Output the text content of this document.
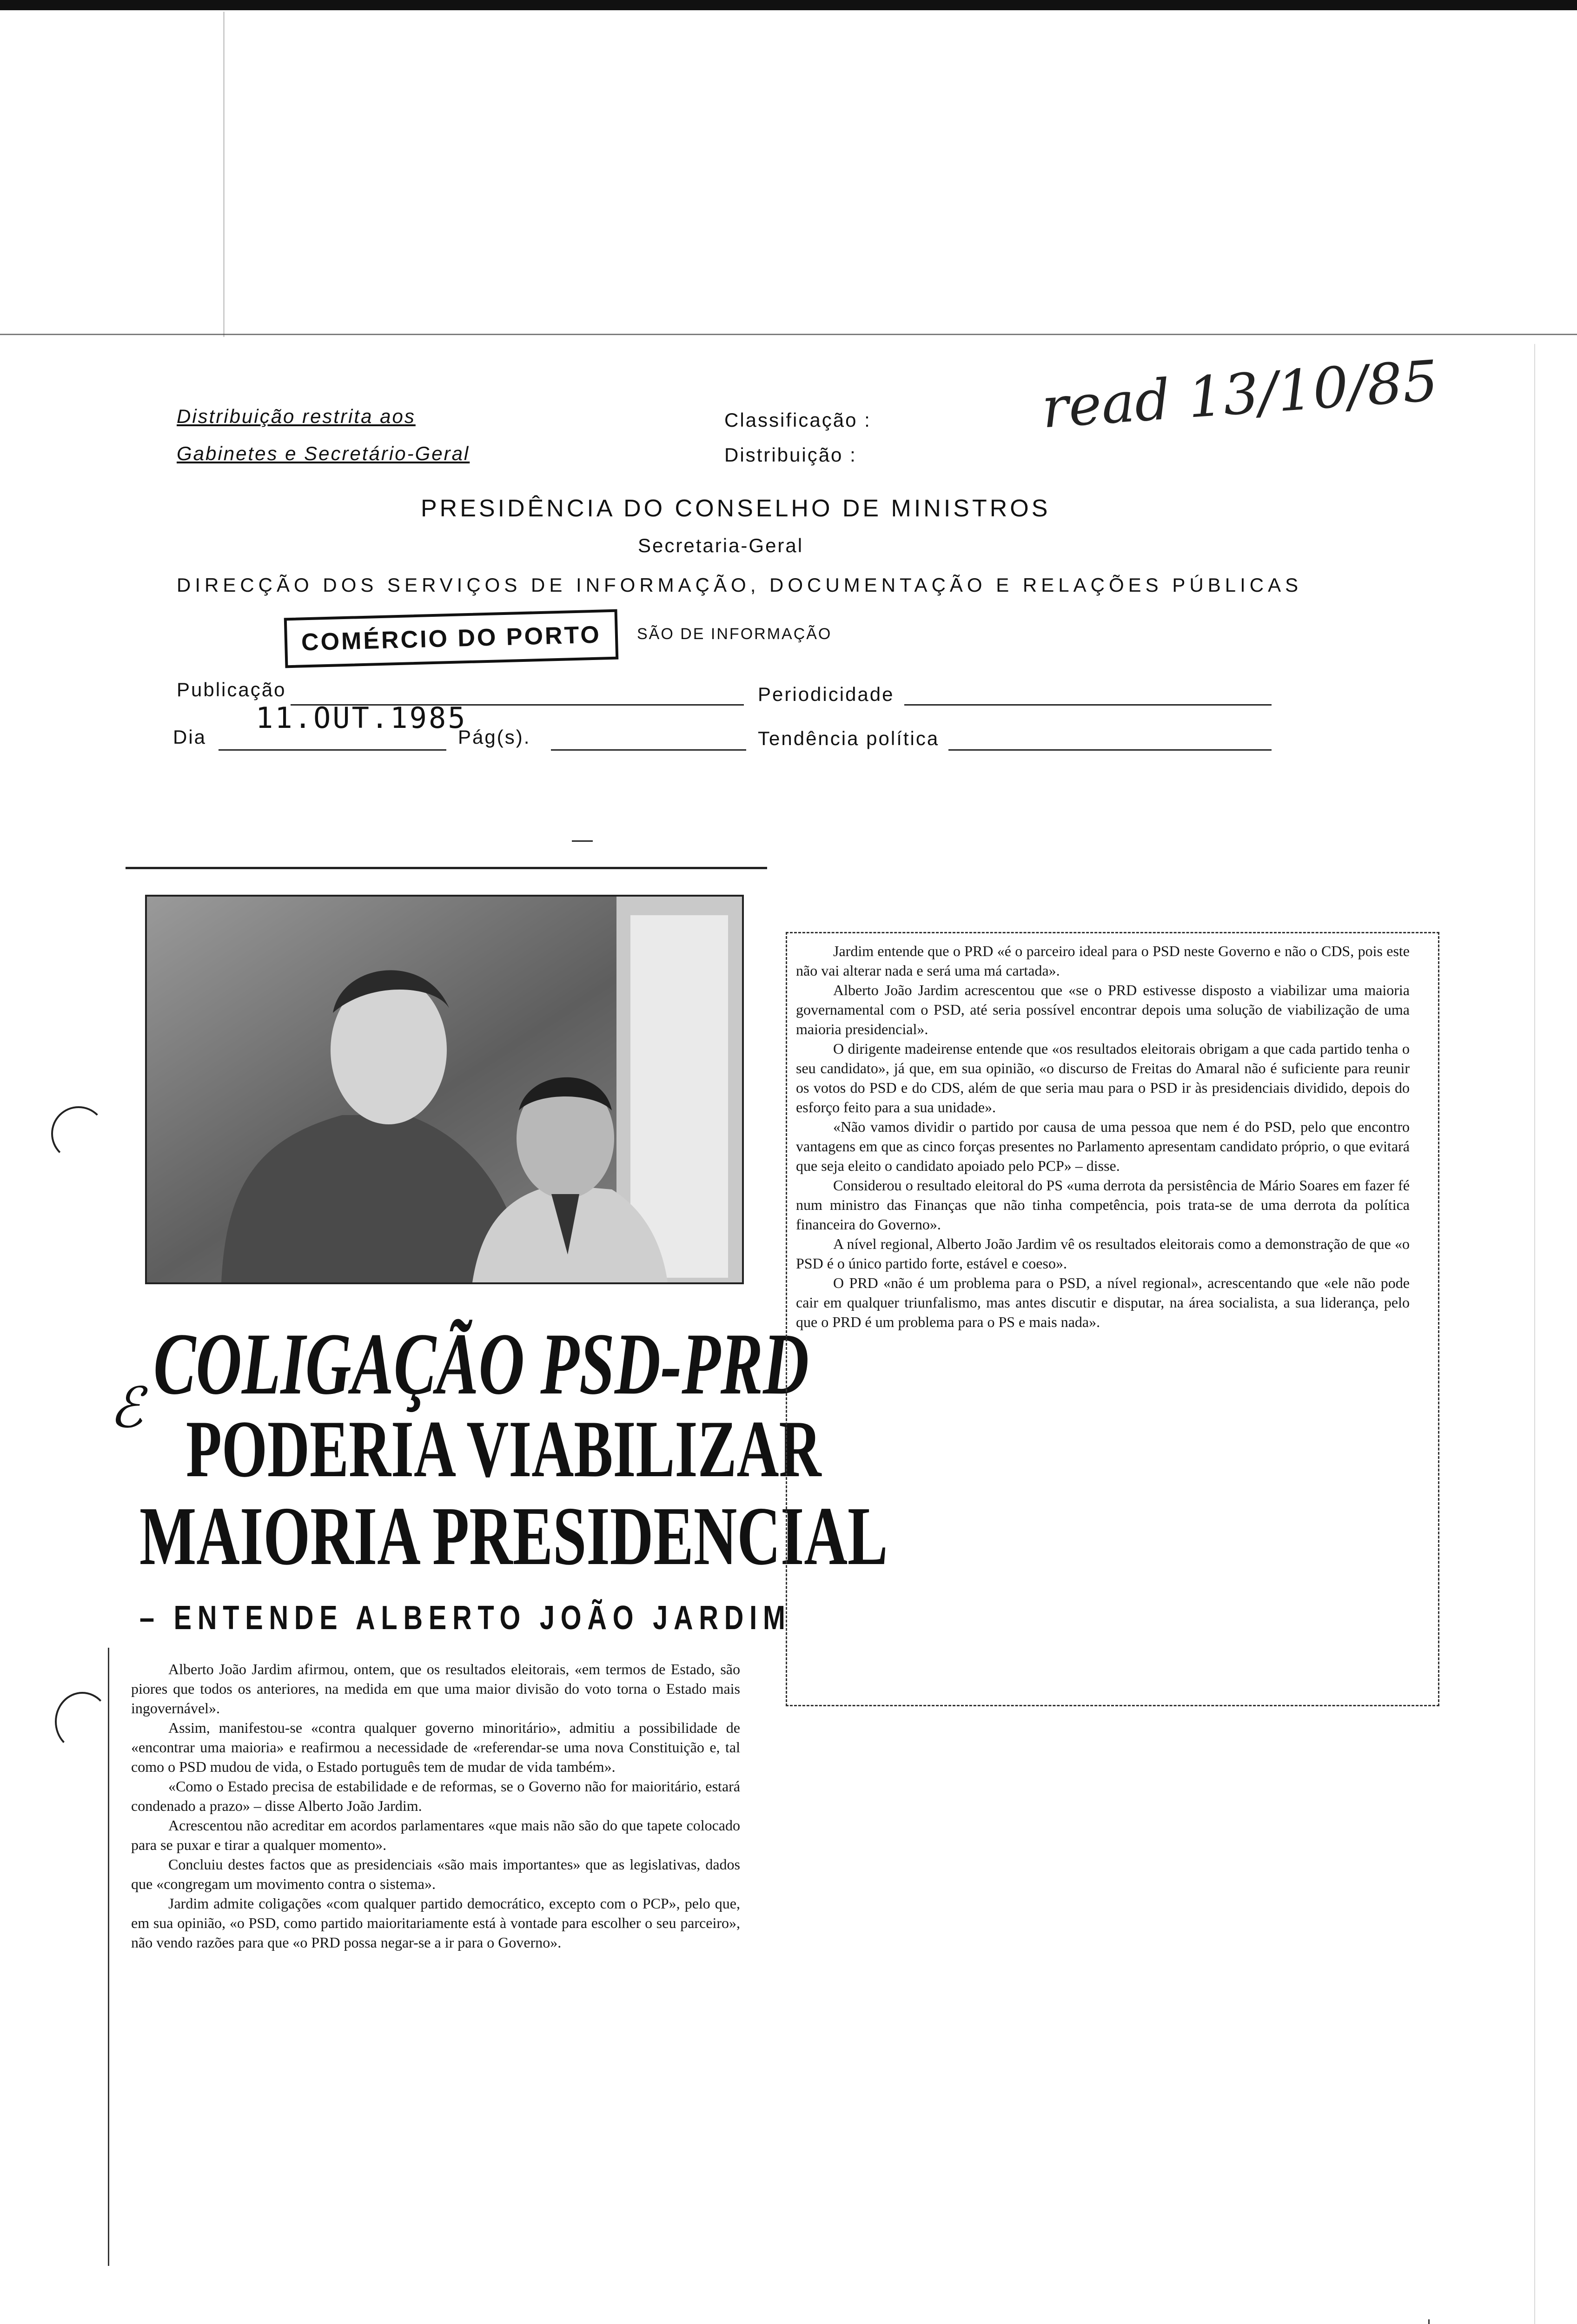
Distribuição restrita aos
Gabinetes e Secretário-Geral
Classificação :
Distribuição :
read 13/10/85
PRESIDÊNCIA DO CONSELHO DE MINISTROS
Secretaria-Geral
DIRECÇÃO DOS SERVIÇOS DE INFORMAÇÃO, DOCUMENTAÇÃO E RELAÇÕES PÚBLICAS
COMÉRCIO DO PORTO	SÃO DE INFORMAÇÃO
Publicação	Periodicidade
Dia
11.OUT.1985
Pág(s).	Tendência política
COLIGAÇÃO PSD-PRD
PODERIA VIABILIZAR
MAIORIA PRESIDENCIAL
– ENTENDE ALBERTO JOÃO JARDIM
ℰ

Alberto João Jardim afirmou, ontem, que os resultados eleitorais, «em termos de Estado, são piores que todos os anteriores, na medida em que uma maior divisão do voto torna o Estado mais ingovernável».

Assim, manifestou-se «contra qualquer governo minoritário», admitiu a possibilidade de «encontrar uma maioria» e reafirmou a necessidade de «referendar-se uma nova Constituição e, tal como o PSD mudou de vida, o Estado português tem de mudar de vida também».

«Como o Estado precisa de estabilidade e de reformas, se o Governo não for maioritário, estará condenado a prazo» – disse Alberto João Jardim.

Acrescentou não acreditar em acordos parlamentares «que mais não são do que tapete colocado para se puxar e tirar a qualquer momento».

Concluiu destes factos que as presidenciais «são mais importantes» que as legislativas, dados que «congregam um movimento contra o sistema».

Jardim admite coligações «com qualquer partido democrático, excepto com o PCP», pelo que, em sua opinião, «o PSD, como partido maioritariamente está à vontade para escolher o seu parceiro», não vendo razões para que «o PRD possa negar-se a ir para o Governo».

Jardim entende que o PRD «é o parceiro ideal para o PSD neste Governo e não o CDS, pois este não vai alterar nada e será uma má cartada».

Alberto João Jardim acrescentou que «se o PRD estivesse disposto a viabilizar uma maioria governamental com o PSD, até seria possível encontrar depois uma solução de viabilização de uma maioria presidencial».

O dirigente madeirense entende que «os resultados eleitorais obrigam a que cada partido tenha o seu candidato», já que, em sua opinião, «o discurso de Freitas do Amaral não é suficiente para reunir os votos do PSD e do CDS, além de que seria mau para o PSD ir às presidenciais dividido, depois do esforço feito para a sua unidade».

«Não vamos dividir o partido por causa de uma pessoa que nem é do PSD, pelo que encontro vantagens em que as cinco forças presentes no Parlamento apresentam candidato próprio, o que evitará que seja eleito o candidato apoiado pelo PCP» – disse.

Considerou o resultado eleitoral do PS «uma derrota da persistência de Mário Soares em fazer fé num ministro das Finanças que não tinha competência, pois trata-se de uma derrota da política financeira do Governo».

A nível regional, Alberto João Jardim vê os resultados eleitorais como a demonstração de que «o PSD é o único partido forte, estável e coeso».

O PRD «não é um problema para o PSD, a nível regional», acrescentando que «ele não pode cair em qualquer triunfalismo, mas antes discutir e disputar, na área socialista, a sua liderança, pelo que o PRD é um problema para o PS e mais nada».
